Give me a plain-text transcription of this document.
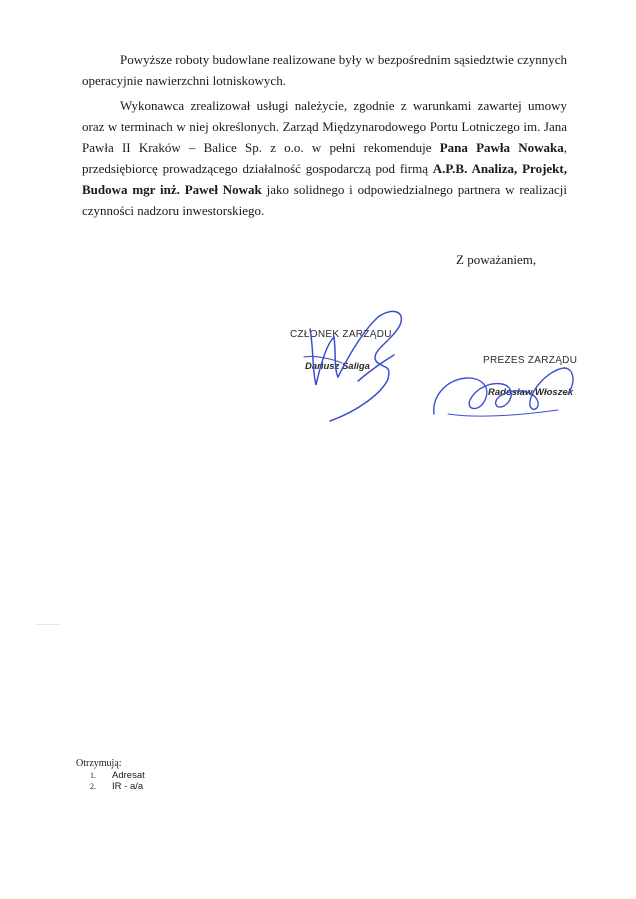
Powyższe roboty budowlane realizowane były w bezpośrednim sąsiedztwie czynnych operacyjnie nawierzchni lotniskowych.

Wykonawca zrealizował usługi należycie, zgodnie z warunkami zawartej umowy oraz w terminach w niej określonych. Zarząd Międzynarodowego Portu Lotniczego im. Jana Pawła II Kraków – Balice Sp. z o.o. w pełni rekomenduje Pana Pawła Nowaka, przedsiębiorcę prowadzącego działalność gospodarczą pod firmą A.P.B. Analiza, Projekt, Budowa mgr inż. Paweł Nowak jako solidnego i odpowiedzialnego partnera w realizacji czynności nadzoru inwestorskiego.

Z poważaniem,
CZŁONEK ZARZĄDU
Dariusz Saliga
PREZES ZARZĄDU
Radosław Włoszek
Otrzymują:
1. Adresat
2. IR - a/a
